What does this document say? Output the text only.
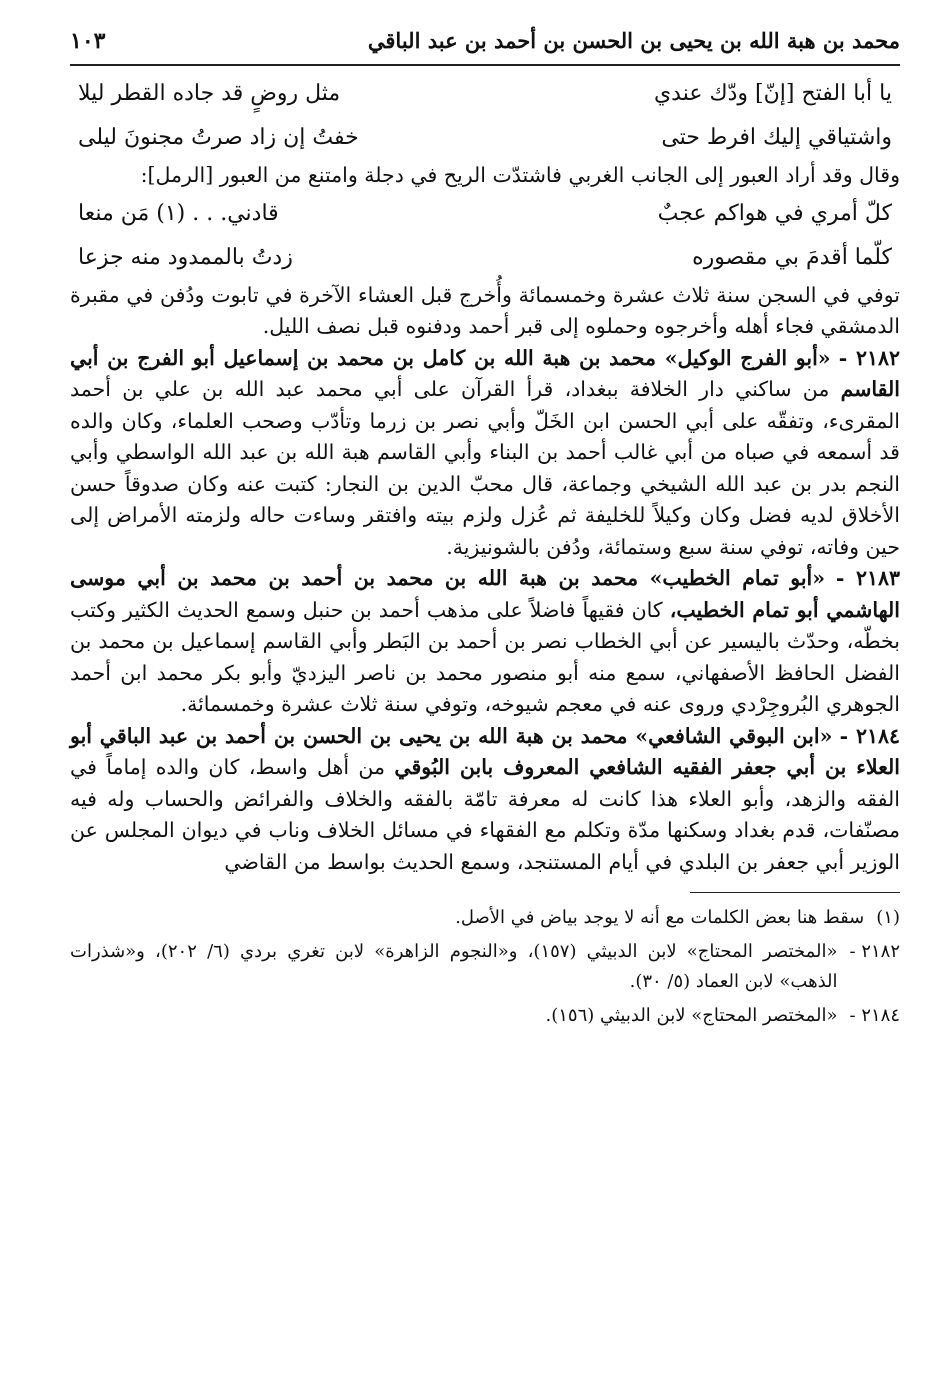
محمد بن هبة الله بن يحيى بن الحسن بن أحمد بن عبد الباقي
١٠٣
يا أبا الفتح [إنّ] ودّك عندي
مثل روضٍ قد جاده القطر ليلا
واشتياقي إليك افرط حتى
خفتُ إن زاد صرتُ مجنونَ ليلى

وقال وقد أراد العبور إلى الجانب الغربي فاشتدّت الريح في دجلة وامتنع من العبور [الرمل]:

كلّ أمري في هواكم عجبٌ
قادني. . . (١) مَن منعا
كلّما أقدمَ بي مقصوره
زدتُ بالممدود منه جزعا

توفي في السجن سنة ثلاث عشرة وخمسمائة وأُخرج قبل العشاء الآخرة في تابوت ودُفن في مقبرة الدمشقي فجاء أهله وأخرجوه وحملوه إلى قبر أحمد ودفنوه قبل نصف الليل.

٢١٨٢ - «أبو الفرج الوكيل» محمد بن هبة الله بن كامل بن محمد بن إسماعيل أبو الفرج بن أبي القاسم من ساكني دار الخلافة ببغداد، قرأ القرآن على أبي محمد عبد الله بن علي بن أحمد المقرىء، وتفقّه على أبي الحسن ابن الخَلّ وأبي نصر بن زرما وتأدّب وصحب العلماء، وكان والده قد أسمعه في صباه من أبي غالب أحمد بن البناء وأبي القاسم هبة الله بن عبد الله الواسطي وأبي النجم بدر بن عبد الله الشيخي وجماعة، قال محبّ الدين بن النجار: كتبت عنه وكان صدوقاً حسن الأخلاق لديه فضل وكان وكيلاً للخليفة ثم عُزل ولزم بيته وافتقر وساءت حاله ولزمته الأمراض إلى حين وفاته، توفي سنة سبع وستمائة، ودُفن بالشونيزية.

٢١٨٣ - «أبو تمام الخطيب» محمد بن هبة الله بن محمد بن أحمد بن محمد بن أبي موسى الهاشمي أبو تمام الخطيب، كان فقيهاً فاضلاً على مذهب أحمد بن حنبل وسمع الحديث الكثير وكتب بخطّه، وحدّث باليسير عن أبي الخطاب نصر بن أحمد بن البَطر وأبي القاسم إسماعيل بن محمد بن الفضل الحافظ الأصفهاني، سمع منه أبو منصور محمد بن ناصر اليزديّ وأبو بكر محمد ابن أحمد الجوهري البُروجِرْدي وروى عنه في معجم شيوخه، وتوفي سنة ثلاث عشرة وخمسمائة.

٢١٨٤ - «ابن البوقي الشافعي» محمد بن هبة الله بن يحيى بن الحسن بن أحمد بن عبد الباقي أبو العلاء بن أبي جعفر الفقيه الشافعي المعروف بابن البُوقي من أهل واسط، كان والده إماماً في الفقه والزهد، وأبو العلاء هذا كانت له معرفة تامّة بالفقه والخلاف والفرائض والحساب وله فيه مصنّفات، قدم بغداد وسكنها مدّة وتكلم مع الفقهاء في مسائل الخلاف وناب في ديوان المجلس عن الوزير أبي جعفر بن البلدي في أيام المستنجد، وسمع الحديث بواسط من القاضي

(١)
سقط هنا بعض الكلمات مع أنه لا يوجد بياض في الأصل.
٢١٨٢ -
«المختصر المحتاج» لابن الدبيثي (١٥٧)، و«النجوم الزاهرة» لابن تغري بردي (٦/ ٢٠٢)، و«شذرات الذهب» لابن العماد (٥/ ٣٠).
٢١٨٤ -
«المختصر المحتاج» لابن الدبيثي (١٥٦).
